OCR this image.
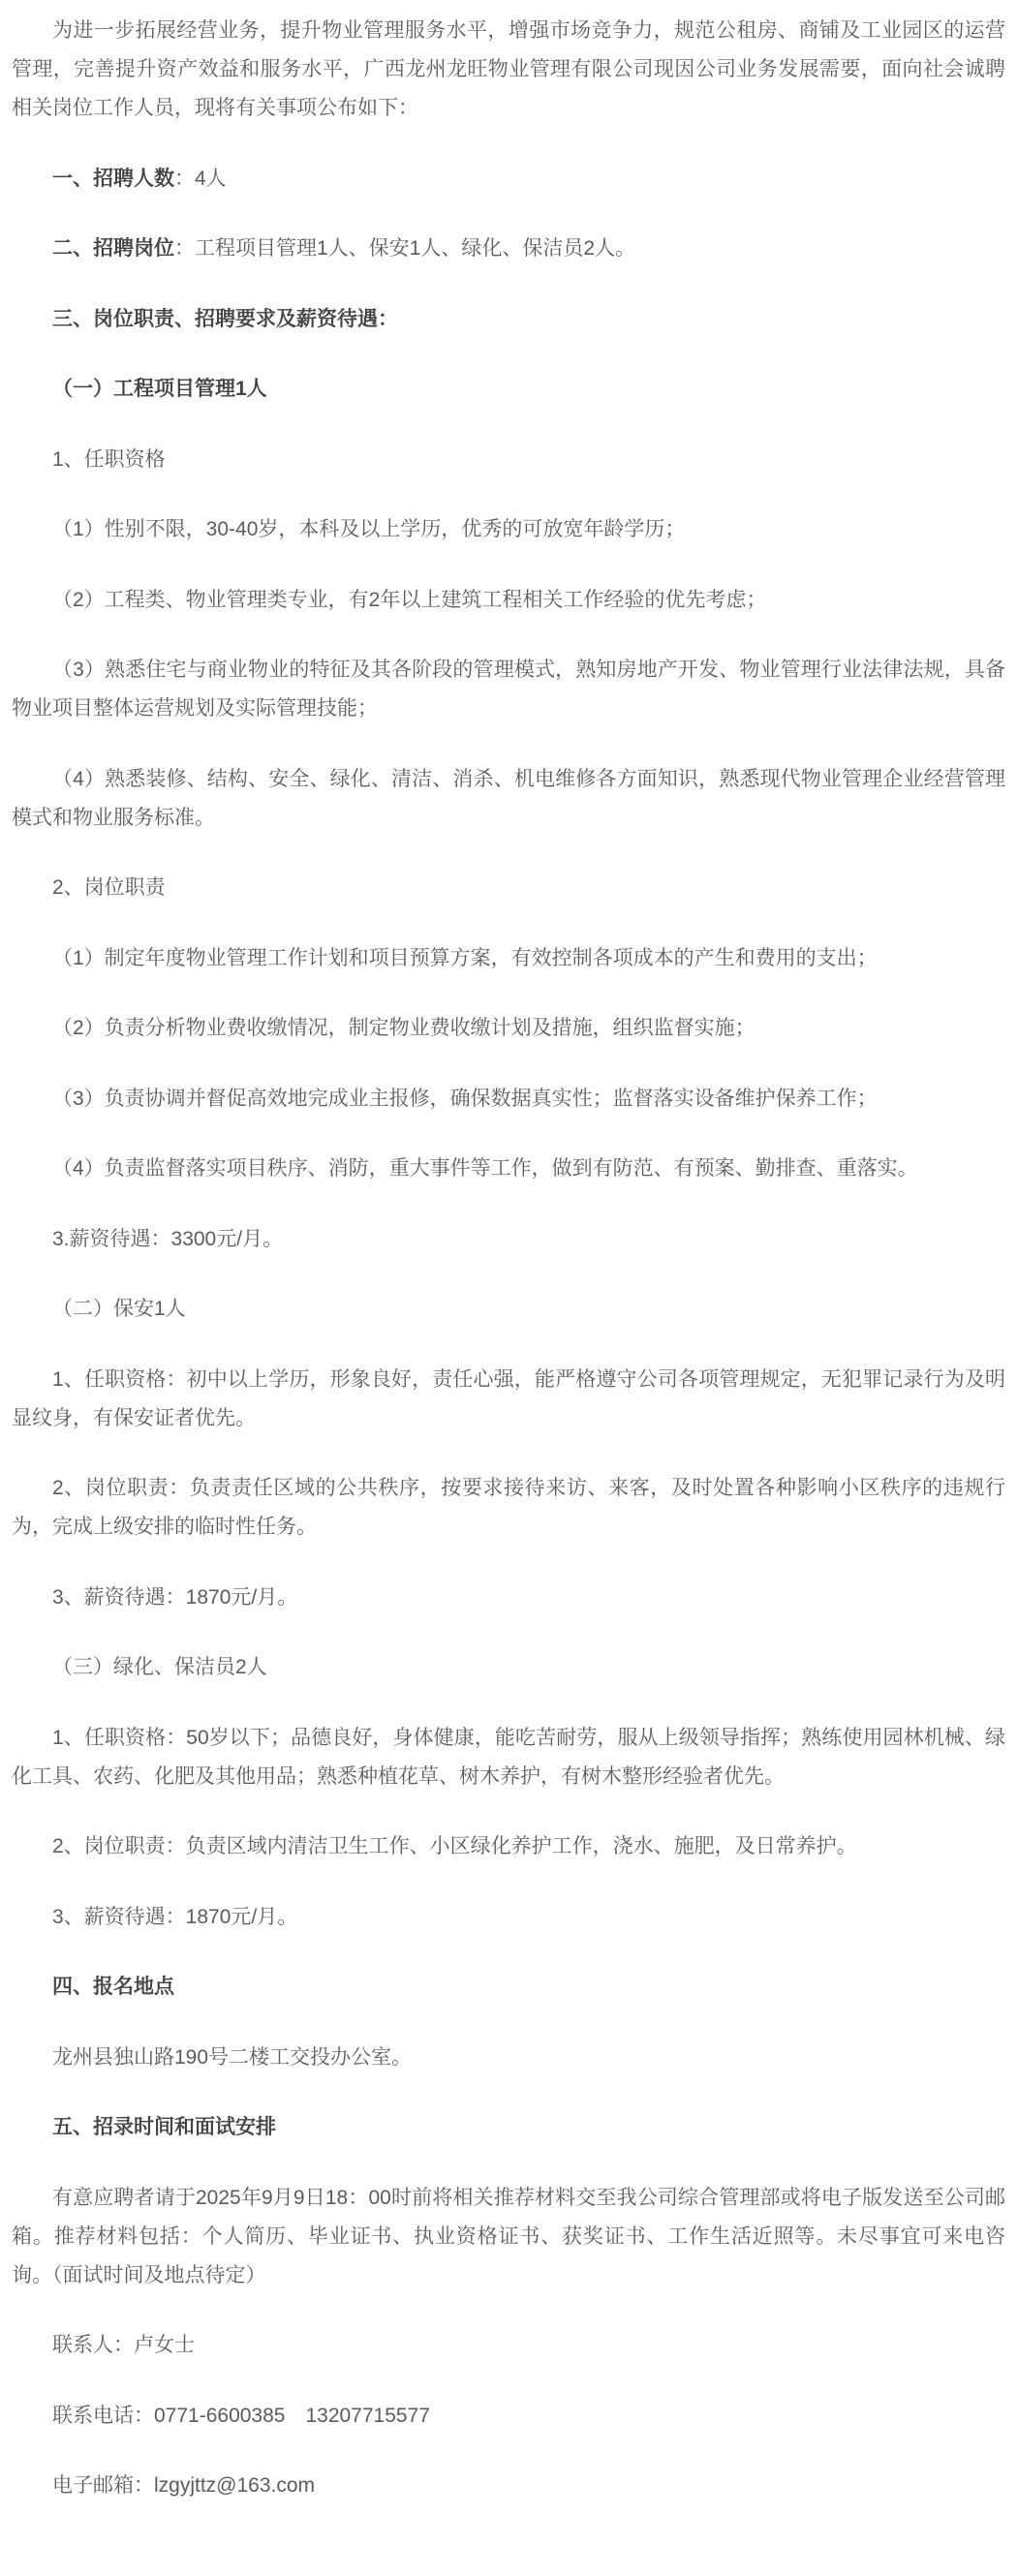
为进一步拓展经营业务，提升物业管理服务水平，增强市场竞争力，规范公租房、商铺及工业园区的运营管理，完善提升资产效益和服务水平，广西龙州龙旺物业管理有限公司现因公司业务发展需要，面向社会诚聘相关岗位工作人员，现将有关事项公布如下：

一、招聘人数：4人

二、招聘岗位：工程项目管理1人、保安1人、绿化、保洁员2人。

三、岗位职责、招聘要求及薪资待遇：

（一）工程项目管理1人

1、任职资格

（1）性别不限，30-40岁，本科及以上学历，优秀的可放宽年龄学历；

（2）工程类、物业管理类专业，有2年以上建筑工程相关工作经验的优先考虑；

（3）熟悉住宅与商业物业的特征及其各阶段的管理模式，熟知房地产开发、物业管理行业法律法规，具备物业项目整体运营规划及实际管理技能；

（4）熟悉装修、结构、安全、绿化、清洁、消杀、机电维修各方面知识，熟悉现代物业管理企业经营管理模式和物业服务标准。

2、岗位职责

（1）制定年度物业管理工作计划和项目预算方案，有效控制各项成本的产生和费用的支出；

（2）负责分析物业费收缴情况，制定物业费收缴计划及措施，组织监督实施；

（3）负责协调并督促高效地完成业主报修，确保数据真实性；监督落实设备维护保养工作；

（4）负责监督落实项目秩序、消防，重大事件等工作，做到有防范、有预案、勤排查、重落实。

3.薪资待遇：3300元/月。

（二）保安1人

1、任职资格：初中以上学历，形象良好，责任心强，能严格遵守公司各项管理规定，无犯罪记录行为及明显纹身，有保安证者优先。

2、岗位职责：负责责任区域的公共秩序，按要求接待来访、来客，及时处置各种影响小区秩序的违规行为，完成上级安排的临时性任务。

3、薪资待遇：1870元/月。

（三）绿化、保洁员2人

1、任职资格：50岁以下；品德良好，身体健康，能吃苦耐劳，服从上级领导指挥；熟练使用园林机械、绿化工具、农药、化肥及其他用品；熟悉种植花草、树木养护，有树木整形经验者优先。

2、岗位职责：负责区域内清洁卫生工作、小区绿化养护工作，浇水、施肥，及日常养护。

3、薪资待遇：1870元/月。

四、报名地点

龙州县独山路190号二楼工交投办公室。

五、招录时间和面试安排

有意应聘者请于2025年9月9日18：00时前将相关推荐材料交至我公司综合管理部或将电子版发送至公司邮箱。推荐材料包括：个人简历、毕业证书、执业资格证书、获奖证书、工作生活近照等。未尽事宜可来电咨询。（面试时间及地点待定）

联系人：卢女士

联系电话：0771-6600385　13207715577

电子邮箱：lzgyjttz@163.com
